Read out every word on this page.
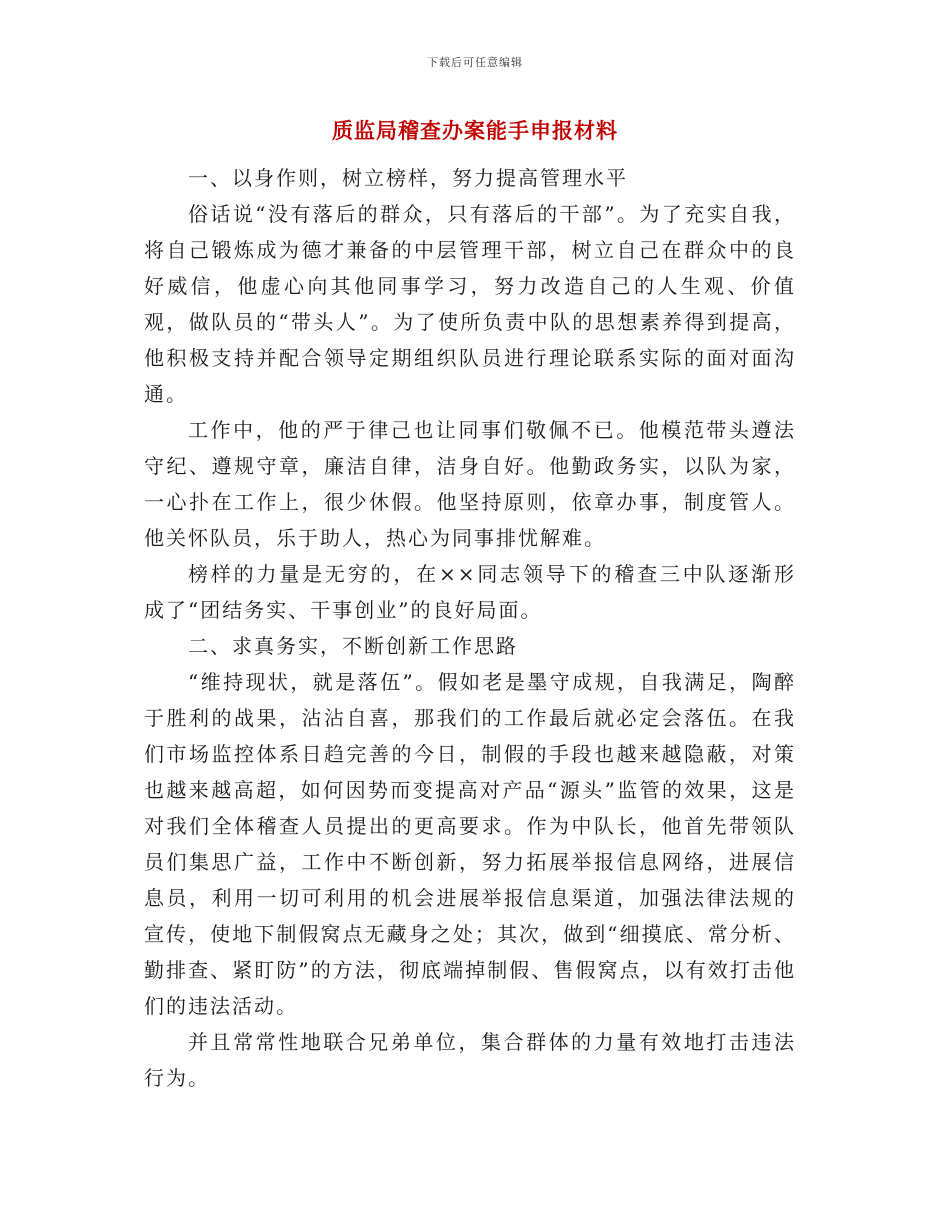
下载后可任意编辑
质监局稽查办案能手申报材料

一、以身作则，树立榜样，努力提高管理水平

俗话说“没有落后的群众，只有落后的干部”。为了充实自我，将自己锻炼成为德才兼备的中层管理干部，树立自己在群众中的良好威信，他虚心向其他同事学习，努力改造自己的人生观、价值观，做队员的“带头人”。为了使所负责中队的思想素养得到提高，他积极支持并配合领导定期组织队员进行理论联系实际的面对面沟通。

工作中，他的严于律己也让同事们敬佩不已。他模范带头遵法守纪、遵规守章，廉洁自律，洁身自好。他勤政务实，以队为家，一心扑在工作上，很少休假。他坚持原则，依章办事，制度管人。他关怀队员，乐于助人，热心为同事排忧解难。

榜样的力量是无穷的，在××同志领导下的稽查三中队逐渐形成了“团结务实、干事创业”的良好局面。

二、求真务实，不断创新工作思路

“维持现状，就是落伍”。假如老是墨守成规，自我满足，陶醉于胜利的战果，沾沾自喜，那我们的工作最后就必定会落伍。在我们市场监控体系日趋完善的今日，制假的手段也越来越隐蔽，对策也越来越高超，如何因势而变提高对产品“源头”监管的效果，这是对我们全体稽查人员提出的更高要求。作为中队长，他首先带领队员们集思广益，工作中不断创新，努力拓展举报信息网络，进展信息员，利用一切可利用的机会进展举报信息渠道，加强法律法规的宣传，使地下制假窝点无藏身之处；其次，做到“细摸底、常分析、勤排查、紧盯防”的方法，彻底端掉制假、售假窝点，以有效打击他们的违法活动。

并且常常性地联合兄弟单位，集合群体的力量有效地打击违法行为。
